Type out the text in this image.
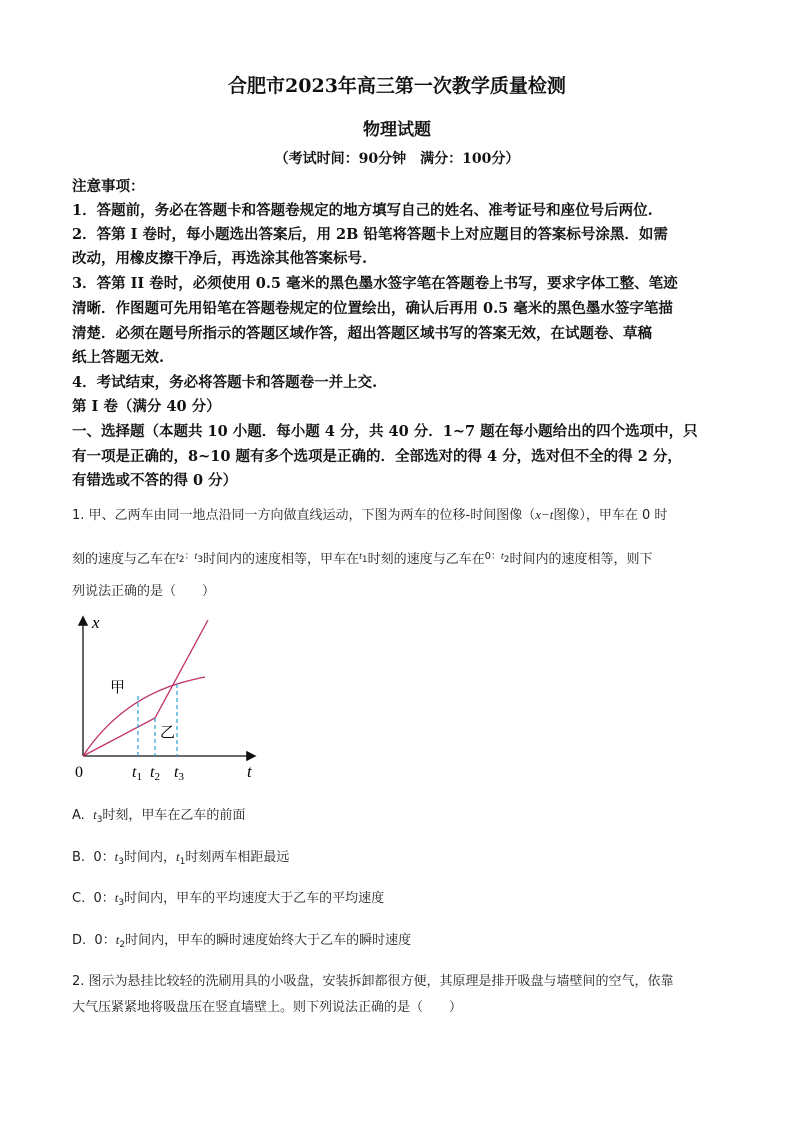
合肥市2023年高三第一次教学质量检测
物理试题
（考试时间：90分钟　满分：100分）
注意事项：
1．答题前，务必在答题卡和答题卷规定的地方填写自己的姓名、准考证号和座位号后两位.
2．答第 I 卷时，每小题选出答案后，用 2B 铅笔将答题卡上对应题目的答案标号涂黑．如需
改动，用橡皮擦干净后，再选涂其他答案标号.
3．答第 II 卷时，必须使用 0.5 毫米的黑色墨水签字笔在答题卷上书写，要求字体工整、笔迹
清晰．作图题可先用铅笔在答题卷规定的位置绘出，确认后再用 0.5 毫米的黑色墨水签字笔描
清楚．必须在题号所指示的答题区域作答，超出答题区域书写的答案无效，在试题卷、草稿
纸上答题无效.
4．考试结束，务必将答题卡和答题卷一并上交.
第 I 卷（满分 40 分）
一、选择题（本题共 10 小题．每小题 4 分，共 40 分．1~7 题在每小题给出的四个选项中，只
有一项是正确的，8~10 题有多个选项是正确的．全部选对的得 4 分，选对但不全的得 2 分，
有错选或不答的得 0 分）
1. 甲、乙两车由同一地点沿同一方向做直线运动，下图为两车的位移-时间图像（x−t图像），甲车在 0 时
刻的速度与乙车在$^{t2:t3}$时间内的速度相等，甲车在$^{t1}$时刻的速度与乙车在$^{0:t2}$时间内的速度相等，则下
列说法正确的是（　　）
x
t
0
甲
乙
t1 t2 t3
A. $t_3$时刻，甲车在乙车的前面
B. 0：$t_3$时间内，$t_1$时刻两车相距最远
C. 0：$t_3$时间内，甲车的平均速度大于乙车的平均速度
D. 0：$t_2$时间内，甲车的瞬时速度始终大于乙车的瞬时速度
2. 图示为悬挂比较轻的洗刷用具的小吸盘，安装拆卸都很方便，其原理是排开吸盘与墙壁间的空气，依靠
大气压紧紧地将吸盘压在竖直墙壁上。则下列说法正确的是（　　）
